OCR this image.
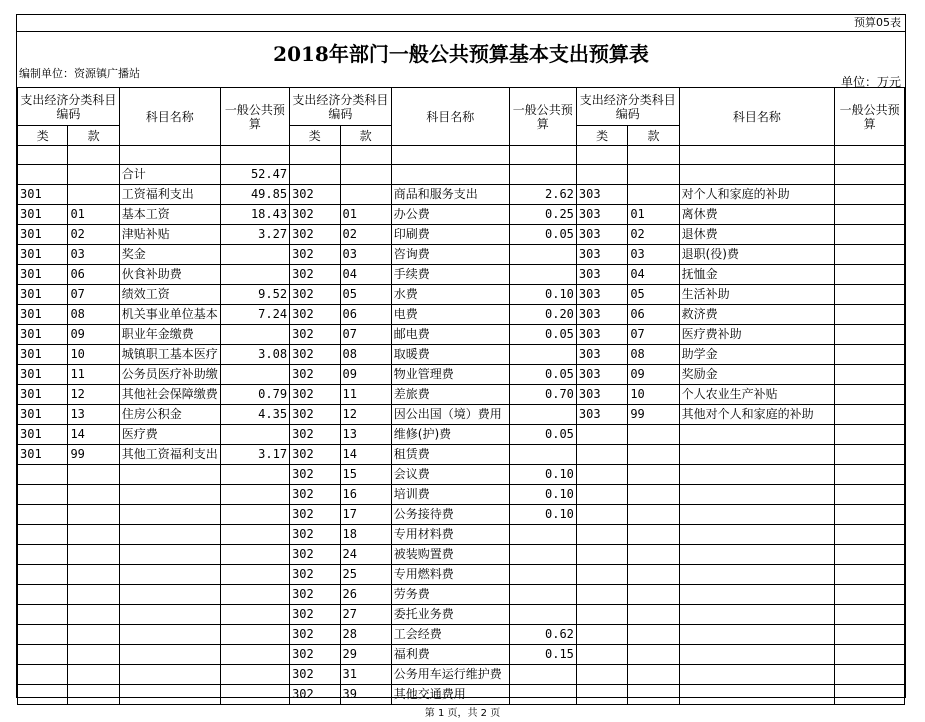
预算05表
2018年部门一般公共预算基本支出预算表
编制单位：资源镇广播站
单位：万元
支出经济分类科目编码		科目名称	一般公共预算	支出经济分类科目编码		科目名称	一般公共预算	支出经济分类科目编码		科目名称	一般公共预算
类	款			类	款			类	款		

		合计	52.47								
301		工资福利支出	49.85	302		商品和服务支出	2.62	303		对个人和家庭的补助	
301	01	基本工资	18.43	302	01	办公费	0.25	303	01	离休费	
301	02	津贴补贴	3.27	302	02	印刷费	0.05	303	02	退休费	
301	03	奖金		302	03	咨询费		303	03	退职(役)费	
301	06	伙食补助费		302	04	手续费		303	04	抚恤金	
301	07	绩效工资	9.52	302	05	水费	0.10	303	05	生活补助	
301	08	机关事业单位基本	7.24	302	06	电费	0.20	303	06	救济费	
301	09	职业年金缴费		302	07	邮电费	0.05	303	07	医疗费补助	
301	10	城镇职工基本医疗	3.08	302	08	取暖费		303	08	助学金	
301	11	公务员医疗补助缴		302	09	物业管理费	0.05	303	09	奖励金	
301	12	其他社会保障缴费	0.79	302	11	差旅费	0.70	303	10	个人农业生产补贴	
301	13	住房公积金	4.35	302	12	因公出国（境）费用		303	99	其他对个人和家庭的补助	
301	14	医疗费		302	13	维修(护)费	0.05				
301	99	其他工资福利支出	3.17	302	14	租赁费					
				302	15	会议费	0.10				
				302	16	培训费	0.10				
				302	17	公务接待费	0.10				
				302	18	专用材料费					
				302	24	被装购置费					
				302	25	专用燃料费					
				302	26	劳务费					
				302	27	委托业务费					
				302	28	工会经费	0.62				
				302	29	福利费	0.15				
				302	31	公务用车运行维护费					
				302	39	其他交通费用					
第 1 页，共 2 页
